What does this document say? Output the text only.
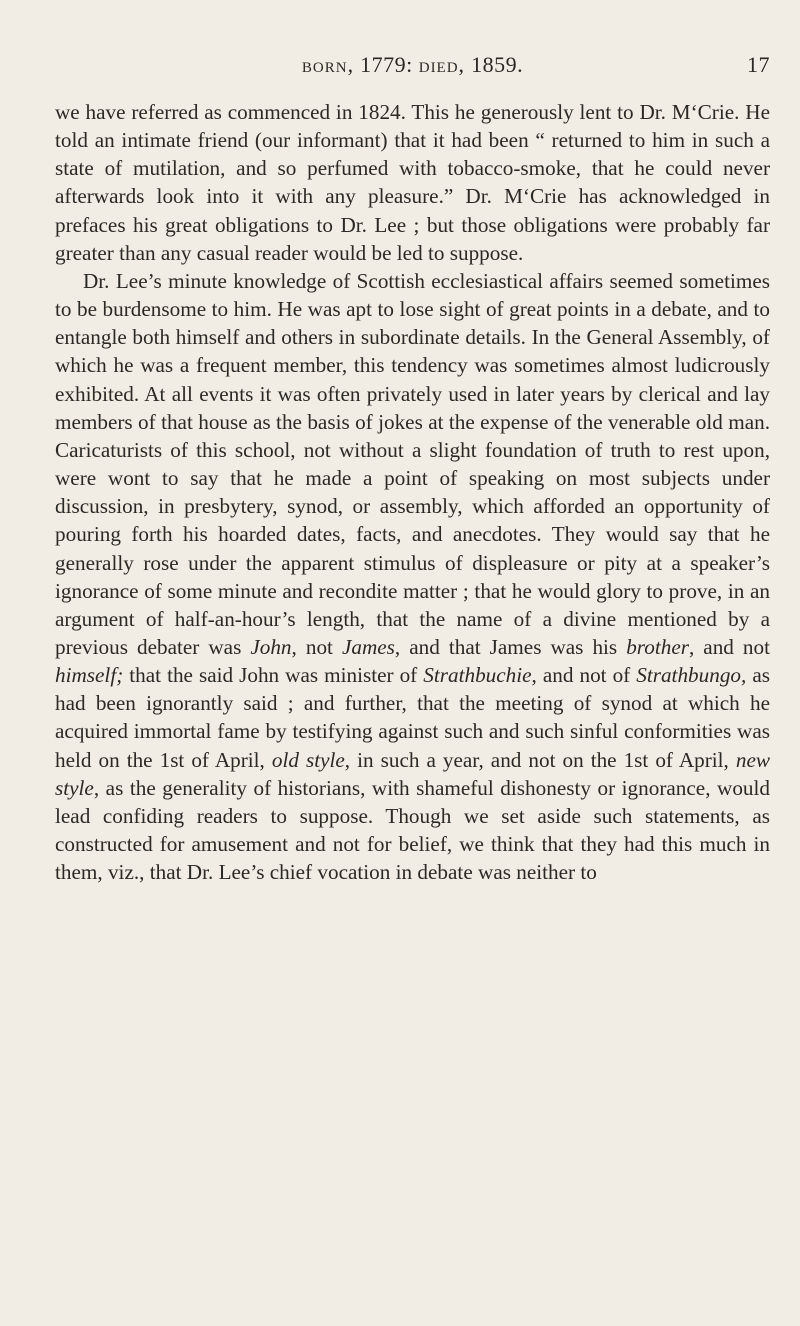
born, 1779: died, 1859.	17

we have referred as commenced in 1824. This he generously lent to Dr. M‘Crie. He told an intimate friend (our informant) that it had been “ returned to him in such a state of mutilation, and so perfumed with tobacco-smoke, that he could never afterwards look into it with any pleasure.” Dr. M‘Crie has acknowledged in prefaces his great obligations to Dr. Lee ; but those obligations were probably far greater than any casual reader would be led to suppose.

Dr. Lee’s minute knowledge of Scottish ecclesiastical affairs seemed sometimes to be burdensome to him. He was apt to lose sight of great points in a debate, and to entangle both himself and others in subordinate details. In the General Assembly, of which he was a frequent member, this tendency was sometimes almost ludicrously exhibited. At all events it was often privately used in later years by clerical and lay members of that house as the basis of jokes at the expense of the venerable old man. Caricaturists of this school, not without a slight foundation of truth to rest upon, were wont to say that he made a point of speaking on most subjects under discussion, in presbytery, synod, or assembly, which afforded an opportunity of pouring forth his hoarded dates, facts, and anecdotes. They would say that he generally rose under the apparent stimulus of displeasure or pity at a speaker’s ignorance of some minute and recondite matter ; that he would glory to prove, in an argument of half-an-hour’s length, that the name of a divine mentioned by a previous debater was John, not James, and that James was his brother, and not himself; that the said John was minister of Strathbuchie, and not of Strathbungo, as had been ignorantly said ; and further, that the meeting of synod at which he acquired immortal fame by testifying against such and such sinful conformities was held on the 1st of April, old style, in such a year, and not on the 1st of April, new style, as the generality of historians, with shameful dishonesty or ignorance, would lead confiding readers to suppose. Though we set aside such statements, as constructed for amusement and not for belief, we think that they had this much in them, viz., that Dr. Lee’s chief vocation in debate was neither to
